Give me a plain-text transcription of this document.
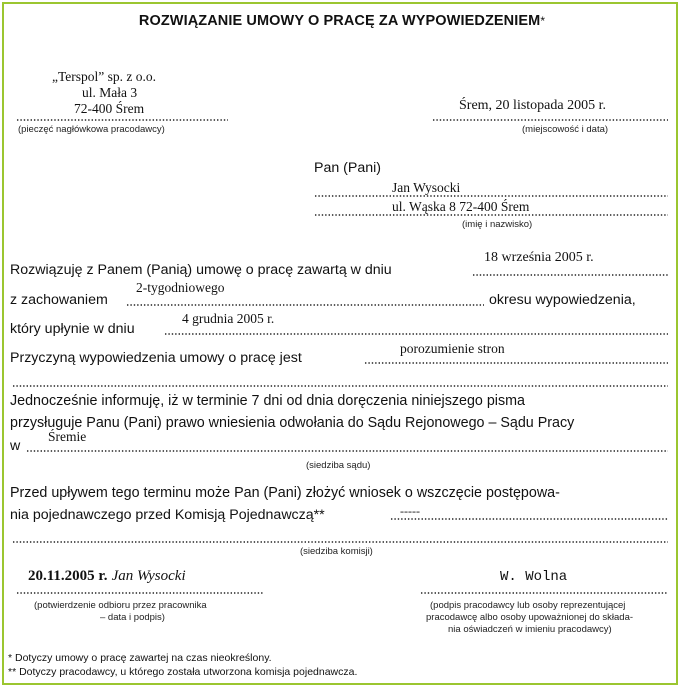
ROZWIĄZANIE UMOWY O PRACĘ ZA WYPOWIEDZENIEM*
„Terspol” sp. z o.o.
ul. Mała 3
72-400 Śrem
(pieczęć nagłówkowa pracodawcy)
Śrem, 20 listopada 2005 r.
(miejscowość i data)
Pan (Pani)
Jan Wysocki
ul. Wąska 8 72-400 Śrem
(imię i nazwisko)
Rozwiązuję z Panem (Panią) umowę o pracę zawartą w dniu
18 września 2005 r.
z zachowaniem
2-tygodniowego
okresu wypowiedzenia,
który upłynie w dniu
4 grudnia 2005 r.
Przyczyną wypowiedzenia umowy o pracę jest
porozumienie stron
Jednocześnie informuję, iż w terminie 7 dni od dnia doręczenia niniejszego pisma
przysługuje Panu (Pani) prawo wniesienia odwołania do Sądu Rejonowego – Sądu Pracy
w
Śremie
(siedziba sądu)
Przed upływem tego terminu może Pan (Pani) złożyć wniosek o wszczęcie postępowa-
nia pojednawczego przed Komisją Pojednawczą**	-----
(siedziba komisji)
20.11.2005 r. Jan Wysocki
(potwierdzenie odbioru przez pracownika
– data i podpis)
W. Wolna
(podpis pracodawcy lub osoby reprezentującej
pracodawcę albo osoby upoważnionej do składa-
nia oświadczeń w imieniu pracodawcy)
* Dotyczy umowy o pracę zawartej na czas nieokreślony.
** Dotyczy pracodawcy, u którego została utworzona komisja pojednawcza.
